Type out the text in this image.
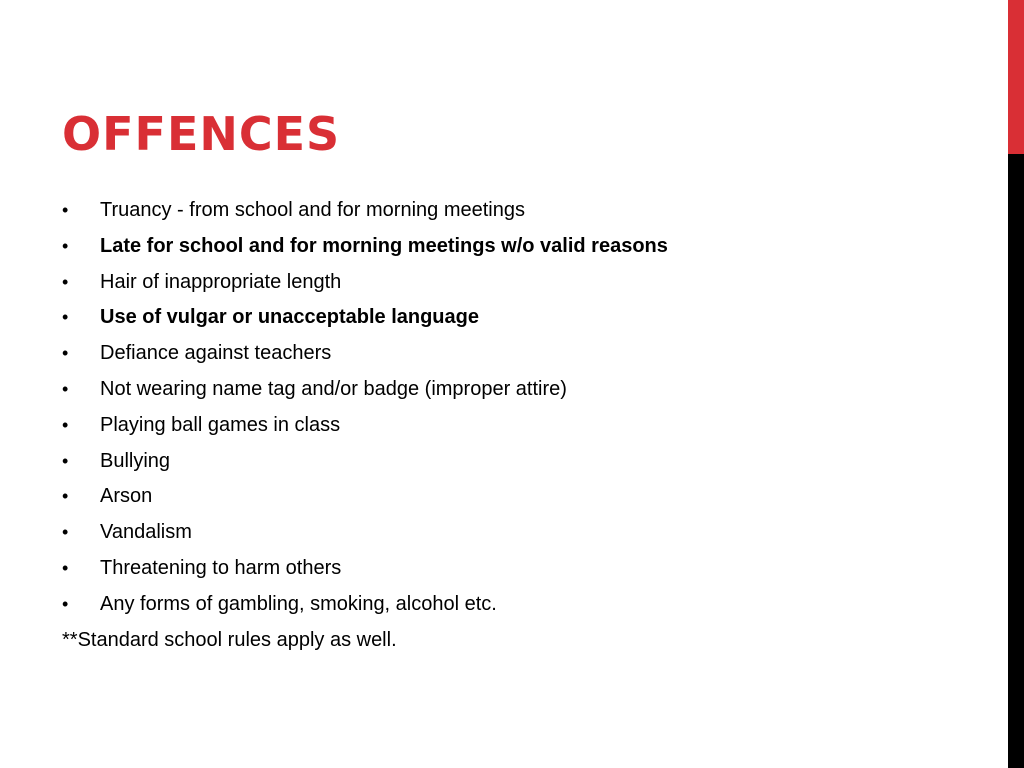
OFFENCES
• Truancy - from school and for morning meetings
• Late for school and for morning meetings w/o valid reasons
• Hair of inappropriate length
• Use of vulgar or unacceptable language
• Defiance against teachers
• Not wearing name tag and/or badge (improper attire)
• Playing ball games in class
• Bullying
• Arson
• Vandalism
• Threatening to harm others
• Any forms of gambling, smoking, alcohol etc.

**Standard school rules apply as well.
